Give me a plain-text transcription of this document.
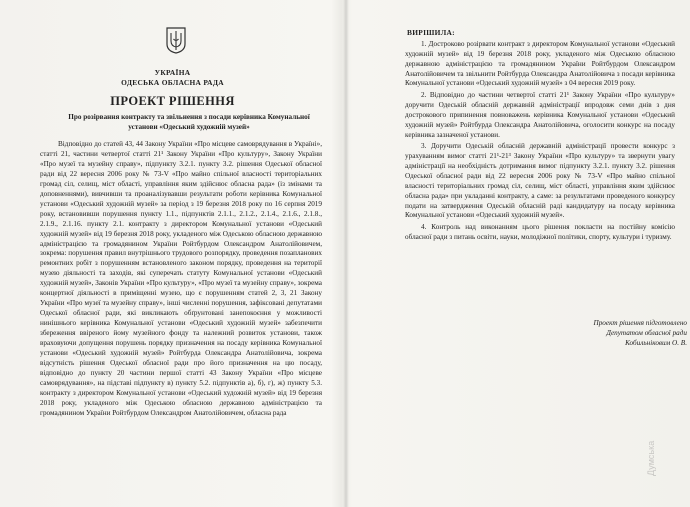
УКРАЇНА
ОДЕСЬКА ОБЛАСНА РАДА
ПРОЕКТ РІШЕННЯ
Про розірвання контракту та звільнення з посади керівника Комунальної установи «Одеський художній музей»

Відповідно до статей 43, 44 Закону України «Про місцеве самоврядування в Україні», статті 21, частини четвертої статті 21¹ Закону України «Про культуру», Закону України «Про музеї та музейну справу», підпункту 3.2.1. пункту 3.2. рішення Одеської обласної ради від 22 вересня 2006 року № 73-V «Про майно спільної власності територіальних громад сіл, селищ, міст області, управління яким здійснює обласна рада» (із змінами та доповненнями), вивчивши та проаналізувавши результати роботи керівника Комунальної установи «Одеський художній музей» за період з 19 березня 2018 року по 16 серпня 2019 року, встановивши порушення пункту 1.1., підпунктів 2.1.1., 2.1.2., 2.1.4., 2.1.6., 2.1.8., 2.1.9., 2.1.16. пункту 2.1. контракту з директором Комунальної установи «Одеський художній музей» від 19 березня 2018 року, укладеного між Одеською обласною державною адміністрацією та громадянином України Ройтбурдом Олександром Анатолійовичем, зокрема: порушення правил внутрішнього трудового розпорядку, проведення позапланових ремонтних робіт з порушенням встановленого законом порядку, проведення на території музею діяльності та заходів, які суперечать статуту Комунальної установи «Одеський художній музей», Законів України «Про культуру», «Про музеї та музейну справу», зокрема концертної діяльності в приміщенні музею, що є порушенням статей 2, 3, 21 Закону України «Про музеї та музейну справу», інші численні порушення, зафіксовані депутатами Одеської обласної ради, які викликають обґрунтовані занепокоєння у можливості нинішнього керівника Комунальної установи «Одеський художній музей» забезпечити збереження ввіреного йому музейного фонду та належний розвиток установи, також враховуючи допущення порушень порядку призначення на посаду керівника Комунальної установи «Одеський художній музей» Ройтбурда Олександра Анатолійовича, зокрема відсутність рішення Одеської обласної ради про його призначення на цю посаду, відповідно до пункту 20 частини першої статті 43 Закону України «Про місцеве самоврядування», на підставі підпункту в) пункту 5.2. підпунктів а), б), г), ж) пункту 5.3. контракту з директором Комунальної установи «Одеський художній музей» від 19 березня 2018 року, укладеного між Одеською обласною державною адміністрацією та громадянином України Ройтбурдом Олександром Анатолійовичем, обласна рада

ВИРІШИЛА:

1. Достроково розірвати контракт з директором Комунальної установи «Одеський художній музей» від 19 березня 2018 року, укладеного між Одеською обласною державною адміністрацією та громадянином України Ройтбурдом Олександром Анатолійовичем та звільнити Ройтбурда Олександра Анатолійовича з посади керівника Комунальної установи «Одеський художній музей» з 04 вересня 2019 року.

2. Відповідно до частини четвертої статті 21¹ Закону України «Про культуру» доручити Одеській обласній державній адміністрації впродовж семи днів з дня дострокового припинення повноважень керівника Комунальної установи «Одеський художній музей» Ройтбурда Олександра Анатолійовича, оголосити конкурс на посаду керівника зазначеної установи.

3. Доручити Одеській обласній державній адміністрації провести конкурс з урахуванням вимог статті 21¹-21³ Закону України «Про культуру» та звернути увагу адміністрації на необхідність дотримання вимог підпункту 3.2.1. пункту 3.2. рішення Одеської обласної ради від 22 вересня 2006 року № 73-V «Про майно спільної власності територіальних громад сіл, селищ, міст області, управління яким здійснює обласна рада» при укладанні контракту, а саме: за результатами проведеного конкурсу подати на затвердження Одеській обласній раді кандидатуру на посаду керівника Комунальної установи «Одеський художній музей».

4. Контроль над виконанням цього рішення покласти на постійну комісію обласної ради з питань освіти, науки, молодіжної політики, спорту, культури і туризму.

Проект рішення підготовлено
Депутатом обласної ради
Кобильніковим О. В.
Думська
